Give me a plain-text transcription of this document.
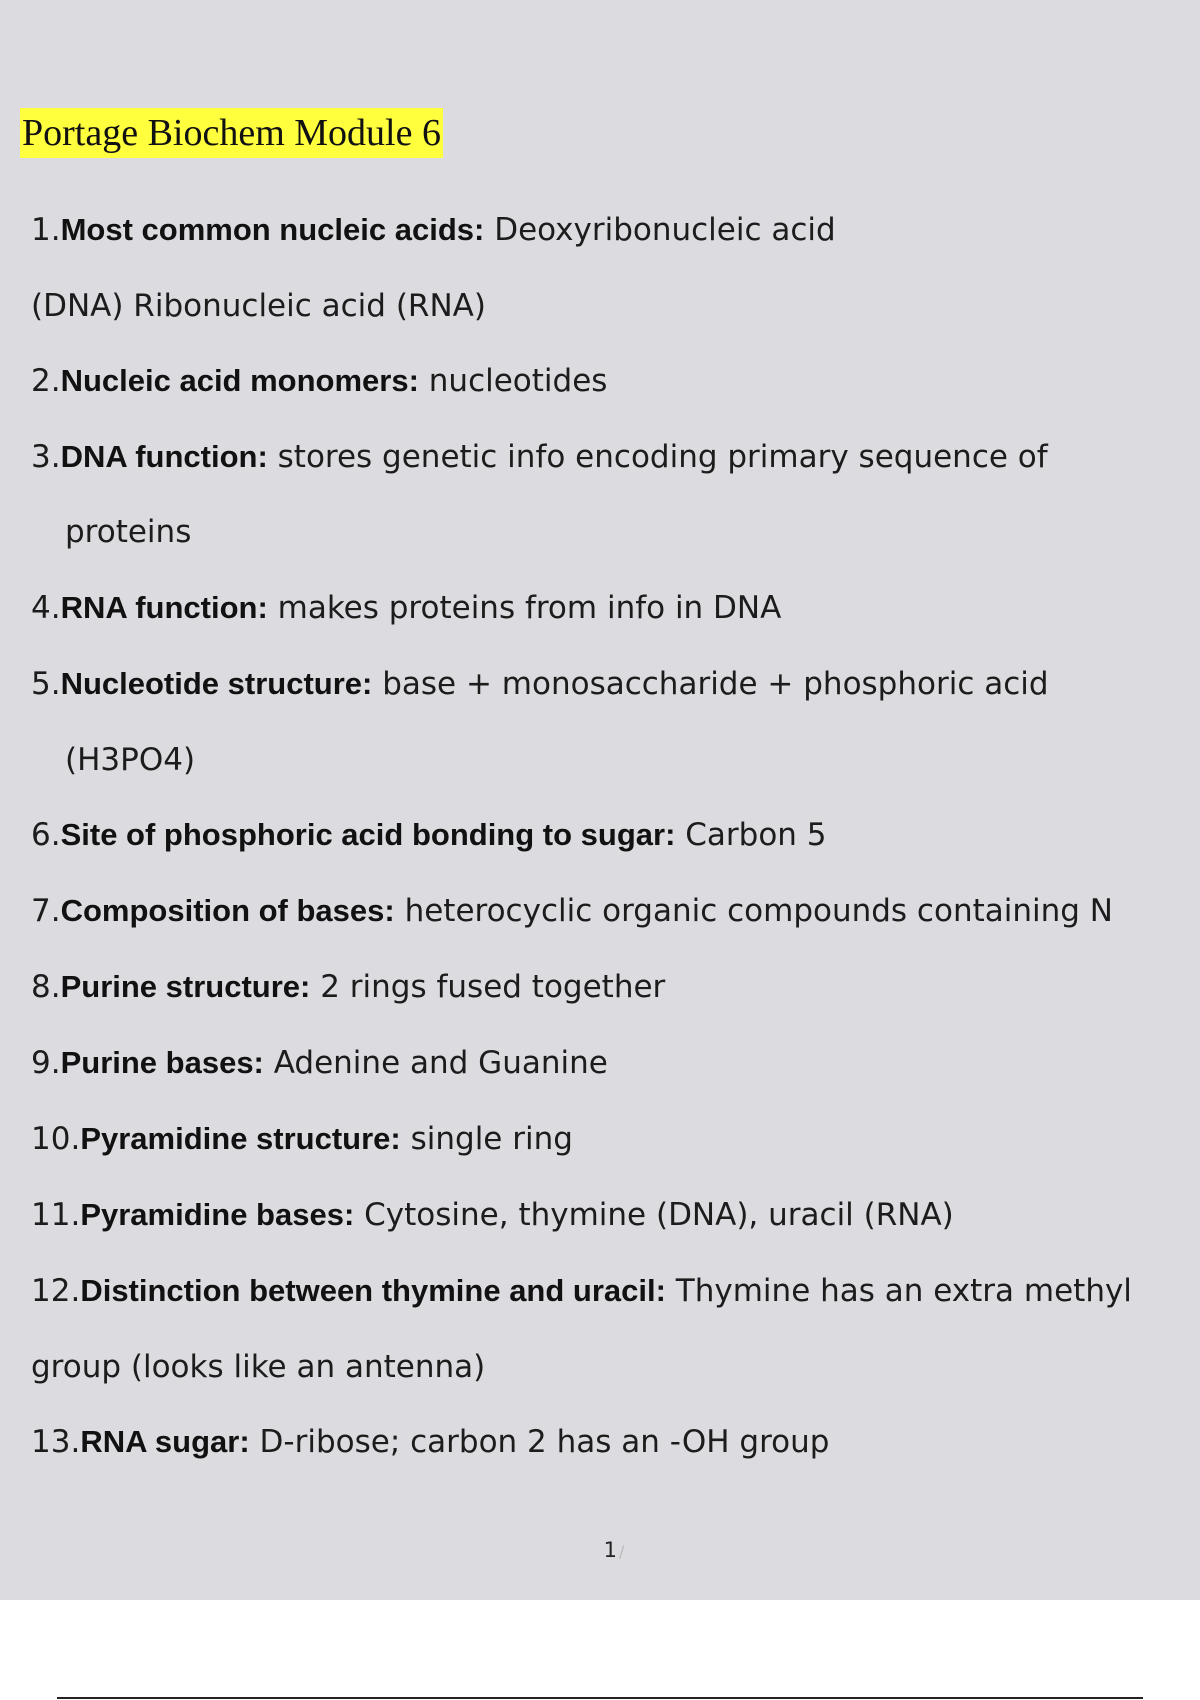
Portage Biochem Module 6
1.Most common nucleic acids: Deoxyribonucleic acid
(DNA) Ribonucleic acid (RNA)
2.Nucleic acid monomers: nucleotides
3.DNA function: stores genetic info encoding primary sequence of
proteins
4.RNA function: makes proteins from info in DNA
5.Nucleotide structure: base + monosaccharide + phosphoric acid
(H3PO4)
6.Site of phosphoric acid bonding to sugar: Carbon 5
7.Composition of bases: heterocyclic organic compounds containing N
8.Purine structure: 2 rings fused together
9.Purine bases: Adenine and Guanine
10.Pyramidine structure: single ring
11.Pyramidine bases: Cytosine, thymine (DNA), uracil (RNA)
12.Distinction between thymine and uracil: Thymine has an extra methyl
group (looks like an antenna)
13.RNA sugar: D-ribose; carbon 2 has an -OH group
1 /
